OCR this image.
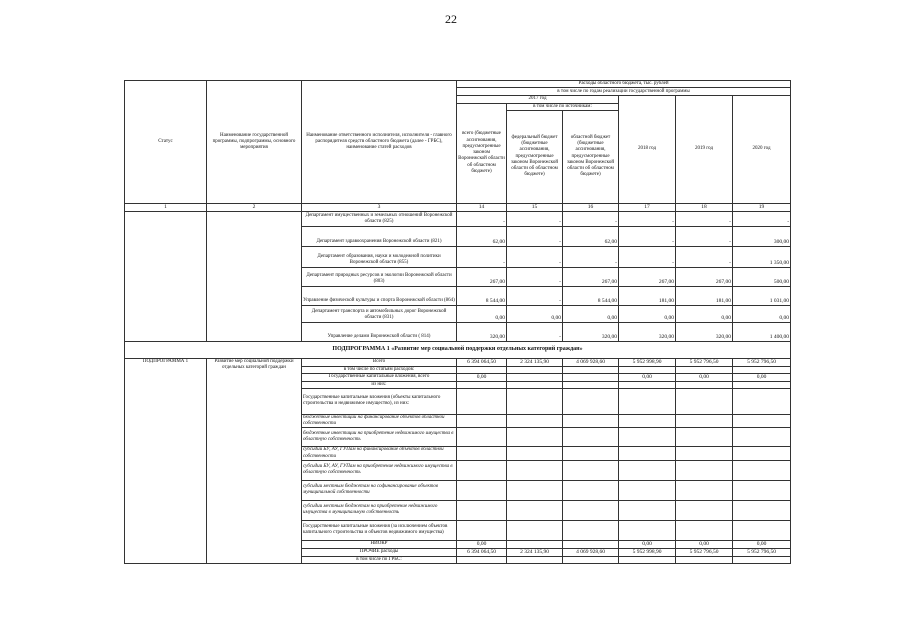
22
Статус	Наименование государственной программы, подпрограммы, основного мероприятия	Наименование ответственного исполнителя, исполнителя - главного распорядителя средств областного бюджета (далее - ГРБС), наименование статей расходов	Расходы областного бюджета, тыс. рублей					
			в том числе по годам реализации государственной программы					
			2017 год			2018 год	2019 год	2020 год
			всего (бюджетные ассигнования, предусмотренные законом Воронежской области об областном бюджете)	в том числе по источникам:				
				федеральный бюджет (бюджетные ассигнования, предусмотренные законом Воронежской области об областном бюджете)	областной бюджет (бюджетные ассигнования, предусмотренные законом Воронежской области об областном бюджете)			
1	2	3	14	15	16	17	18	19
		Департамент имущественных и земельных отношений Воронежской области (825)	-	-	-	-	-	-
		Департамент здравоохранения Воронежской области (821)	62,00	-	62,00	-	-	300,00
		Департамент образования, науки и молодежной политики Воронежской области (855)	-	-	-	-	-	1 350,00
		Департамент природных ресурсов и экологии Воронежской области (803)	267,00	-	267,00	267,00	267,00	500,00
		Управление физической культуры и спорта Воронежской области (864)	8 544,00	-	8 544,00	181,00	181,00	1 031,00
		Департамент транспорта и автомобильных дорог Воронежской области (831)	0,00	0,00	0,00	0,00	0,00	0,00
		Управление делами Воронежской области ( 814)	320,00	-	320,00	320,00	320,00	1 400,00
ПОДПРОГРАММА 1 «Развитие мер социальной поддержки отдельных категорий граждан»								
ПОДПРОГРАММА 1	Развитие мер социальной поддержки отдельных категорий граждан	Всего	6 394 064,50	2 324 135,90	4 069 928,60	5 952 998,90	5 952 796,50	5 952 796,50
		в том числе по статьям расходов:						
		Государственные капитальные вложения, всего	0,00			0,00	0,00	0,00
		из них:						
		Государственные капитальные вложения (объекты капитального строительства и недвижимое имущество), из них:						
		бюджетные инвестиции на финансирование объектов областной собственности						
		бюджетные инвестиции на приобретение недвижимого имущества в областную собственность						
		субсидии БУ, АУ, ГУПам на финансирование объектов областной собственности						
		субсидии БУ, АУ, ГУПам на приобретение недвижимого имущества в областную собственность						
		субсидии местным бюджетам на софинансирование объектов муниципальной собственности						
		субсидии местным бюджетам на приобретение недвижимого имущества в муниципальную собственность						
		Государственные капитальные вложения (за исключением объектов капитального строительства и объектов недвижимого имущества)						
		НИОКР	0,00			0,00	0,00	0,00
		ПРОЧИЕ расходы	6 394 064,50	2 324 135,90	4 069 928,60	5 952 998,90	5 952 796,50	5 952 796,50
		в том числе по ГРБС:						
